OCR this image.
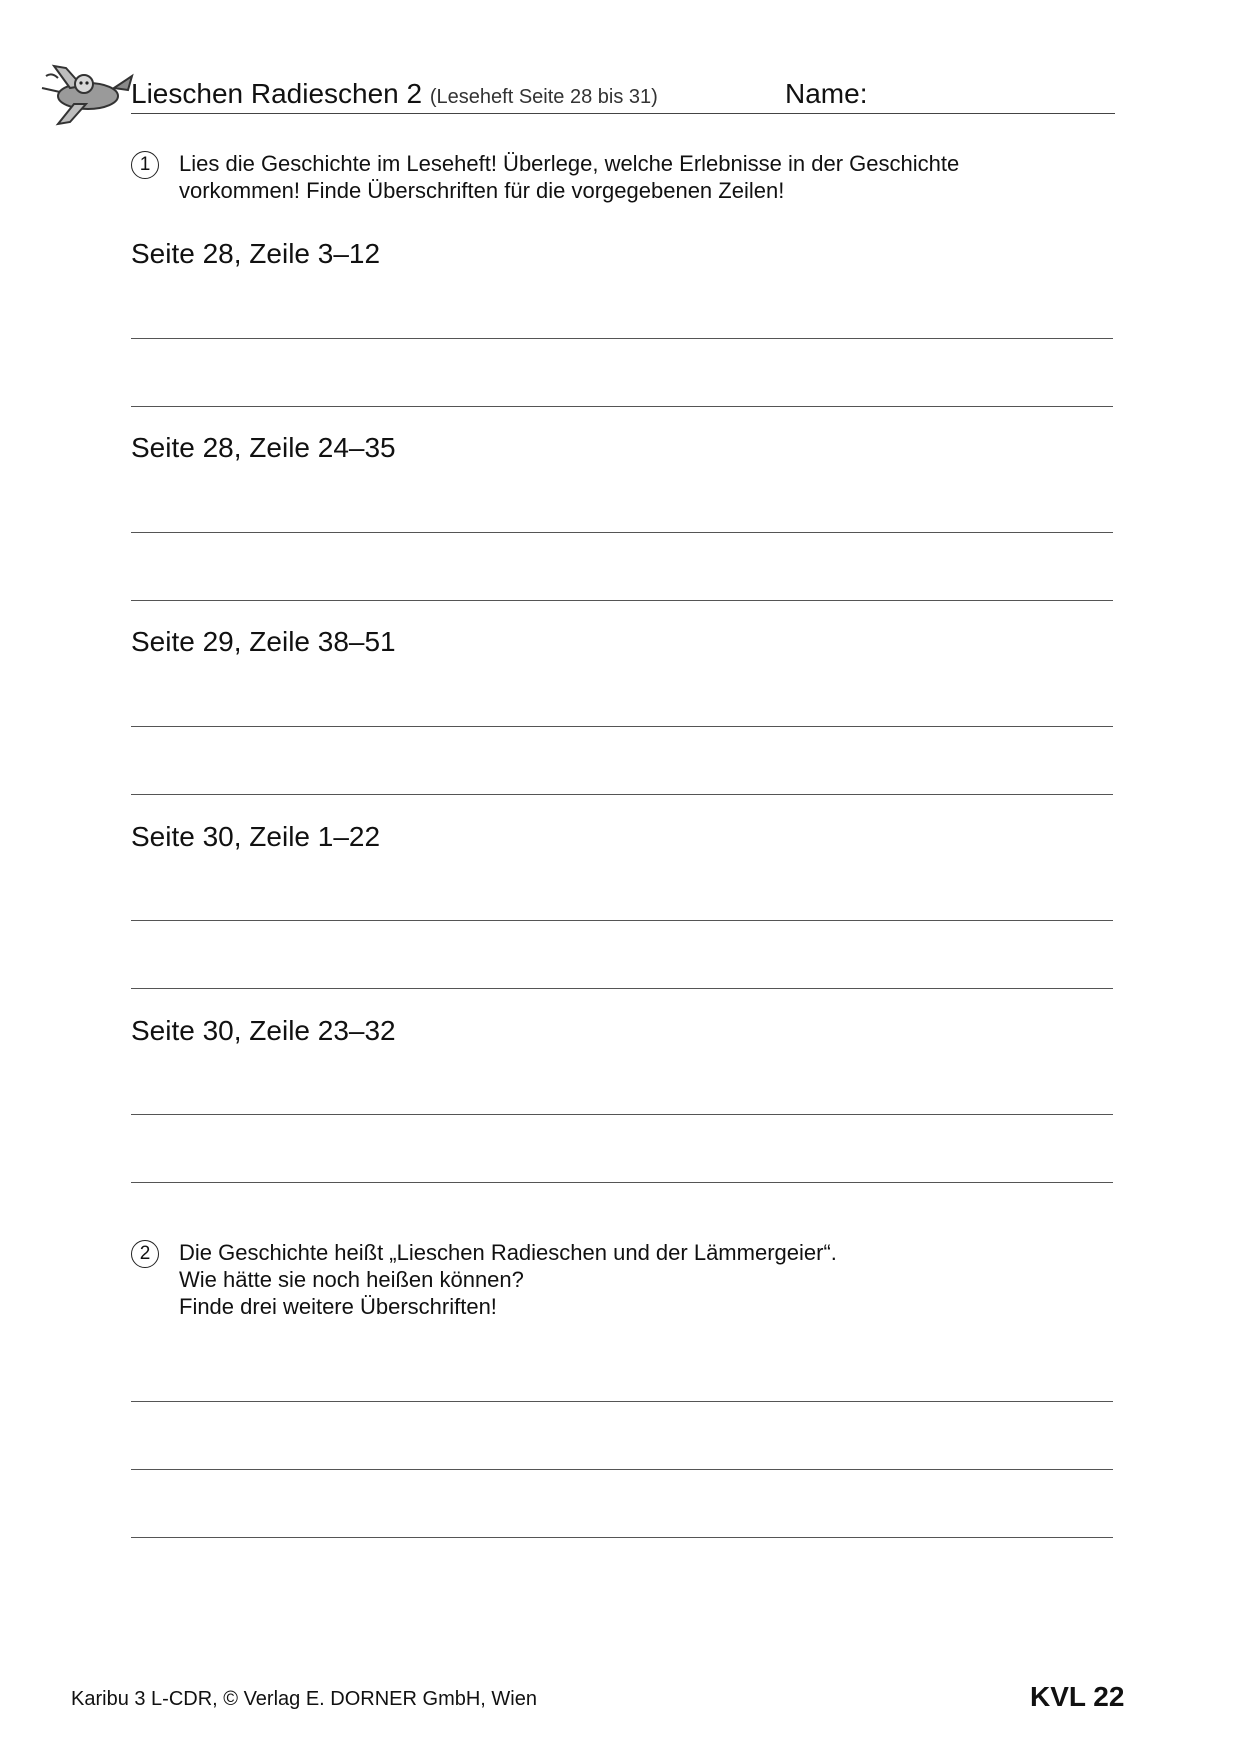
Lieschen Radieschen 2 (Leseheft Seite 28 bis 31)	Name:
1	Lies die Geschichte im Leseheft! Überlege, welche Erlebnisse in der Geschichte
vorkommen! Finde Überschriften für die vorgegebenen Zeilen!
Seite 28, Zeile 3–12
Seite 28, Zeile 24–35
Seite 29, Zeile 38–51
Seite 30, Zeile 1–22
Seite 30, Zeile 23–32
2	Die Geschichte heißt „Lieschen Radieschen und der Lämmergeier“.
Wie hätte sie noch heißen können?
Finde drei weitere Überschriften!
Karibu 3 L-CDR, © Verlag E. DORNER GmbH, Wien	KVL 22
